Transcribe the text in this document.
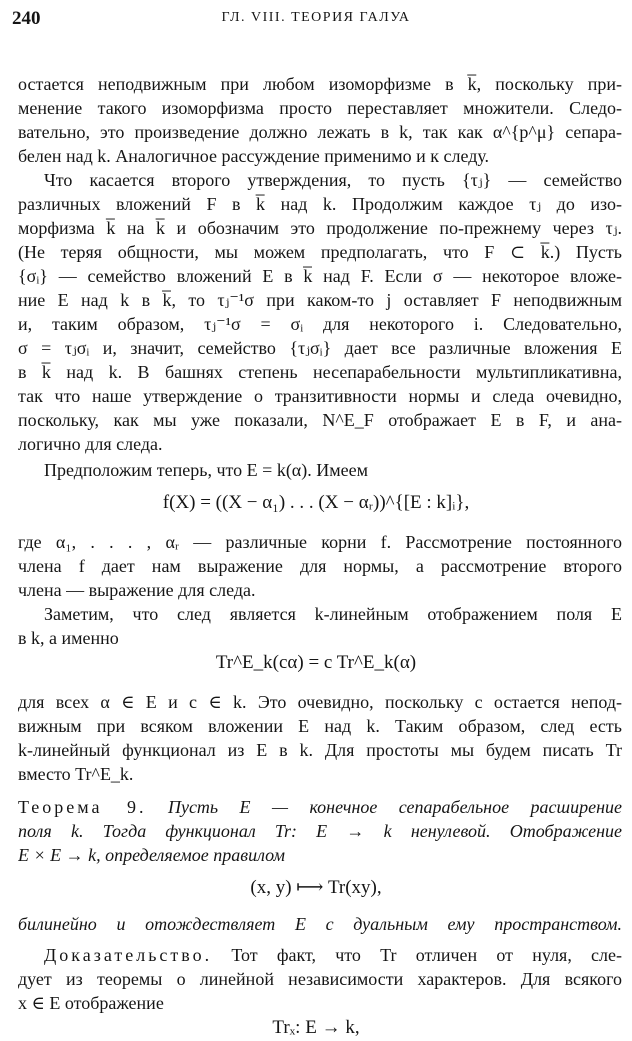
240	ГЛ. VIII. ТЕОРИЯ ГАЛУА
остается неподвижным при любом изоморфизме в k̅, поскольку при-
менение такого изоморфизма просто переставляет множители. Следо-
вательно, это произведение должно лежать в k, так как α^{p^μ} сепара-
белен над k. Аналогичное рассуждение применимо и к следу.
Что касается второго утверждения, то пусть {τⱼ} — семейство
различных вложений F в k̅ над k. Продолжим каждое τⱼ до изо-
морфизма k̅ на k̅ и обозначим это продолжение по-прежнему через τⱼ.
(Не теряя общности, мы можем предполагать, что F ⊂ k̅.) Пусть
{σᵢ} — семейство вложений E в k̅ над F. Если σ — некоторое вложе-
ние E над k в k̅, то τⱼ⁻¹σ при каком-то j оставляет F неподвижным
и, таким образом, τⱼ⁻¹σ = σᵢ для некоторого i. Следовательно,
σ = τⱼσᵢ и, значит, семейство {τⱼσᵢ} дает все различные вложения E
в k̅ над k. В башнях степень несепарабельности мультипликативна,
так что наше утверждение о транзитивности нормы и следа очевидно,
поскольку, как мы уже показали, N^E_F отображает E в F, и ана-
логично для следа.
Предположим теперь, что E = k(α). Имеем
f(X) = ((X − α₁) . . . (X − αᵣ))^{[E : k]ᵢ},
где α₁, . . . , αᵣ — различные корни f. Рассмотрение постоянного
члена f дает нам выражение для нормы, а рассмотрение второго
члена — выражение для следа.
Заметим, что след является k-линейным отображением поля E
в k, а именно
Tr^E_k(cα) = c Tr^E_k(α)
для всех α ∈ E и c ∈ k. Это очевидно, поскольку c остается непод-
вижным при всяком вложении E над k. Таким образом, след есть
k-линейный функционал из E в k. Для простоты мы будем писать Tr
вместо Tr^E_k.
Теорема 9. Пусть E — конечное сепарабельное расширение
поля k. Тогда функционал Tr: E → k ненулевой. Отображение
E × E → k, определяемое правилом
(x, y) ⟼ Tr(xy),
билинейно и отождествляет E с дуальным ему пространством.
Доказательство. Тот факт, что Tr отличен от нуля, сле-
дует из теоремы о линейной независимости характеров. Для всякого
x ∈ E отображение
Trₓ: E → k,
